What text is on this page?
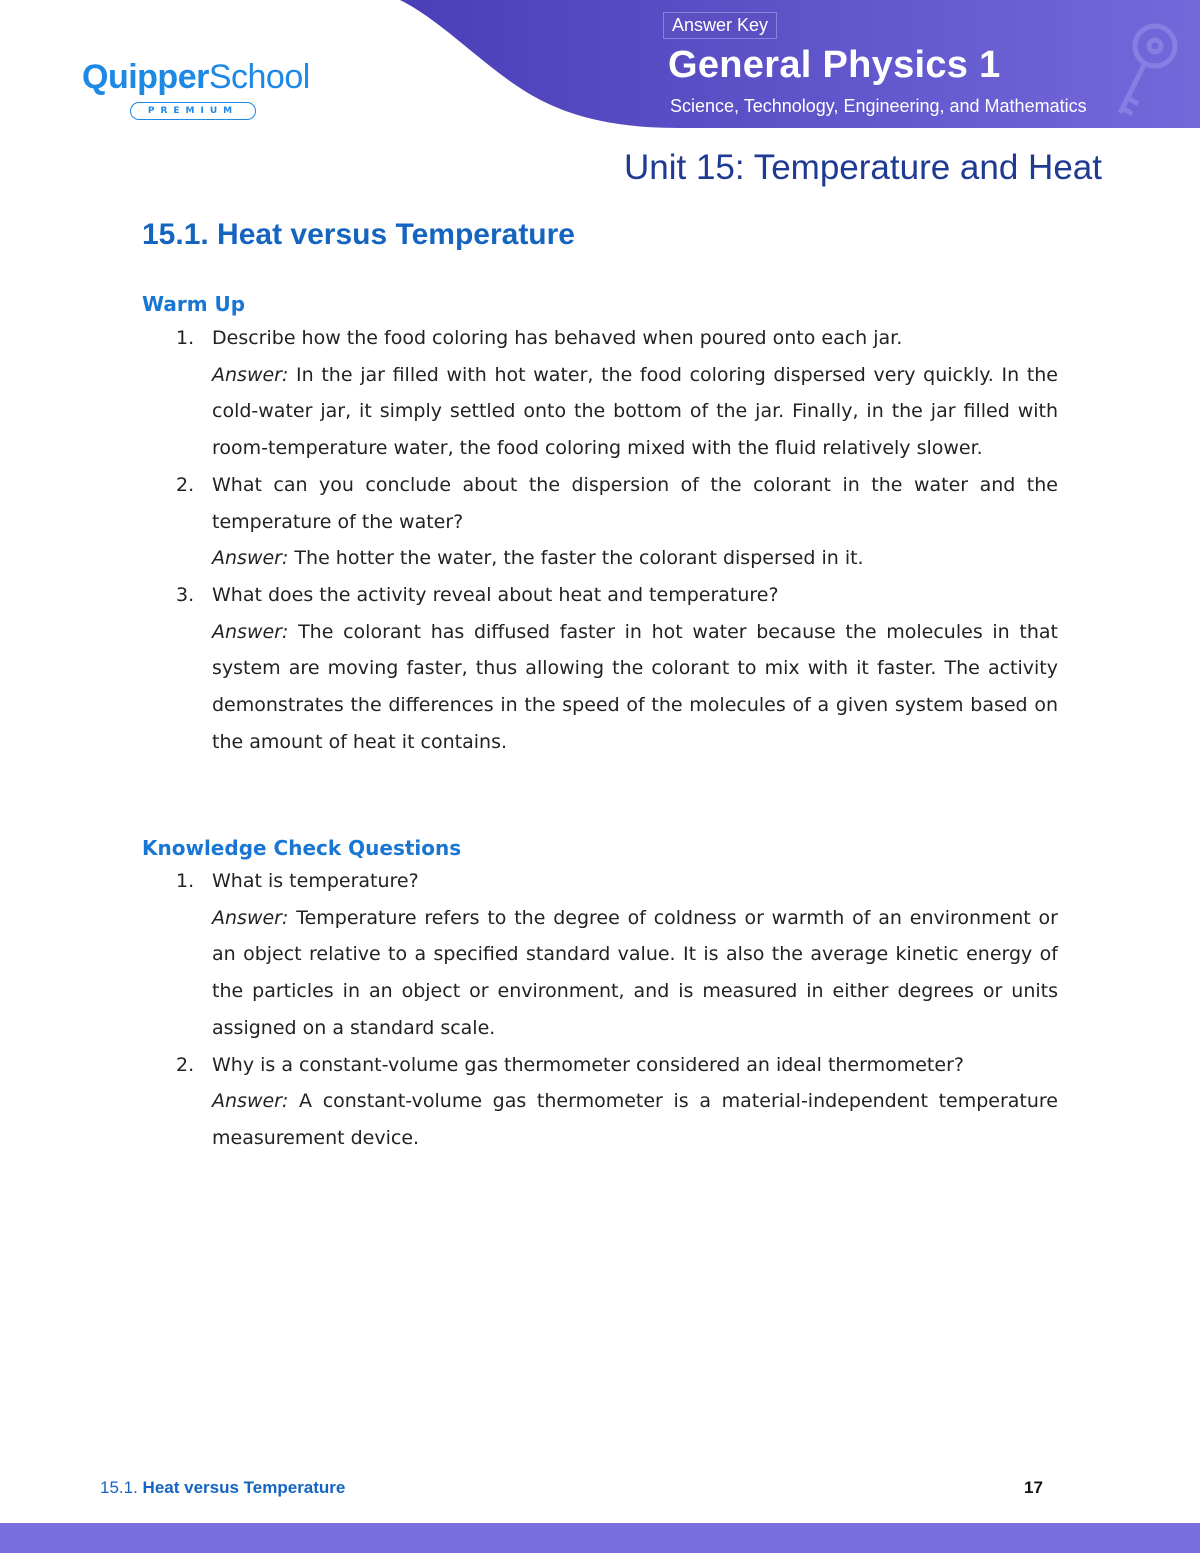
QuipperSchool
PREMIUM
Answer Key
General Physics 1
Science, Technology, Engineering, and Mathematics
Unit 15: Temperature and Heat
15.1. Heat versus Temperature
Warm Up
1. Describe how the food coloring has behaved when poured onto each jar.
Answer: In the jar filled with hot water, the food coloring dispersed very quickly. In the cold-water jar, it simply settled onto the bottom of the jar. Finally, in the jar filled with room-temperature water, the food coloring mixed with the fluid relatively slower.
2. What can you conclude about the dispersion of the colorant in the water and the temperature of the water?
Answer: The hotter the water, the faster the colorant dispersed in it.
3. What does the activity reveal about heat and temperature?
Answer: The colorant has diffused faster in hot water because the molecules in that system are moving faster, thus allowing the colorant to mix with it faster. The activity demonstrates the differences in the speed of the molecules of a given system based on the amount of heat it contains.
Knowledge Check Questions
1. What is temperature?
Answer: Temperature refers to the degree of coldness or warmth of an environment or an object relative to a specified standard value. It is also the average kinetic energy of the particles in an object or environment, and is measured in either degrees or units assigned on a standard scale.
2. Why is a constant-volume gas thermometer considered an ideal thermometer?
Answer: A constant-volume gas thermometer is a material-independent temperature measurement device.
15.1. Heat versus Temperature	17
